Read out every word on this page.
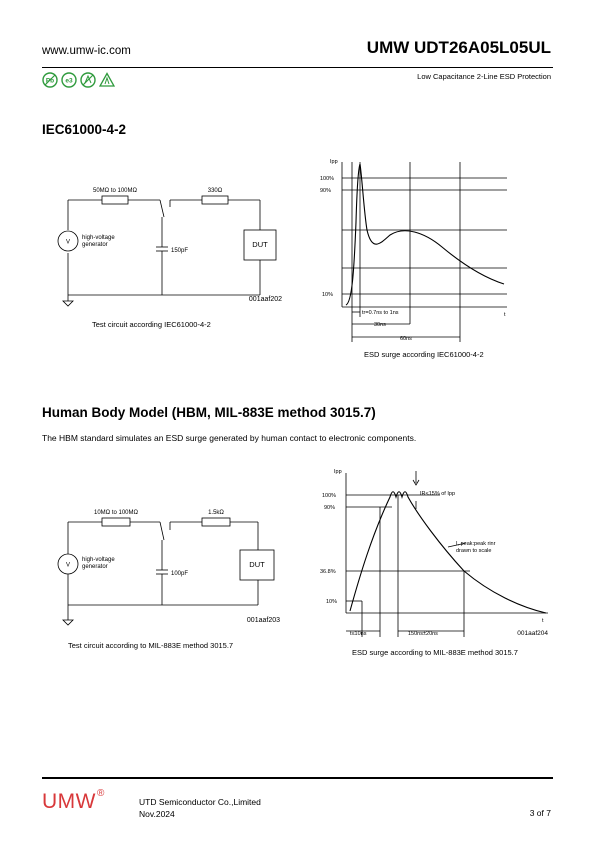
www.umw-ic.com	UMW UDT26A05L05UL
Low Capacitance 2-Line ESD Protection
Pb e3
IEC61000-4-2
50MΩ to 100MΩ	330Ω
V
high-voltage
generator
150pF
DUT
001aaf202
Test circuit according IEC61000-4-2
Ipp
100%
90%
10%
t
tr=0.7ns to 1ns
30ns
60ns
ESD surge according IEC61000-4-2
Human Body Model (HBM, MIL-883E method 3015.7)
The HBM standard simulates an ESD surge generated by human contact to electronic components.
10MΩ to 100MΩ	1.5kΩ
V
high-voltage
generator
100pF
DUT
001aaf203
Test circuit according to MIL-883E method 3015.7
Ipp
100%
90%
36.8%
10%
IR<15% of Ipp
I, peak:peak rinr
drawn to scale
t
001aaf204
t≤10ns	150ns±20ns
ESD surge according to MIL-883E method 3015.7
UMW®
UTD Semiconductor Co.,Limited
Nov.2024	3 of 7
